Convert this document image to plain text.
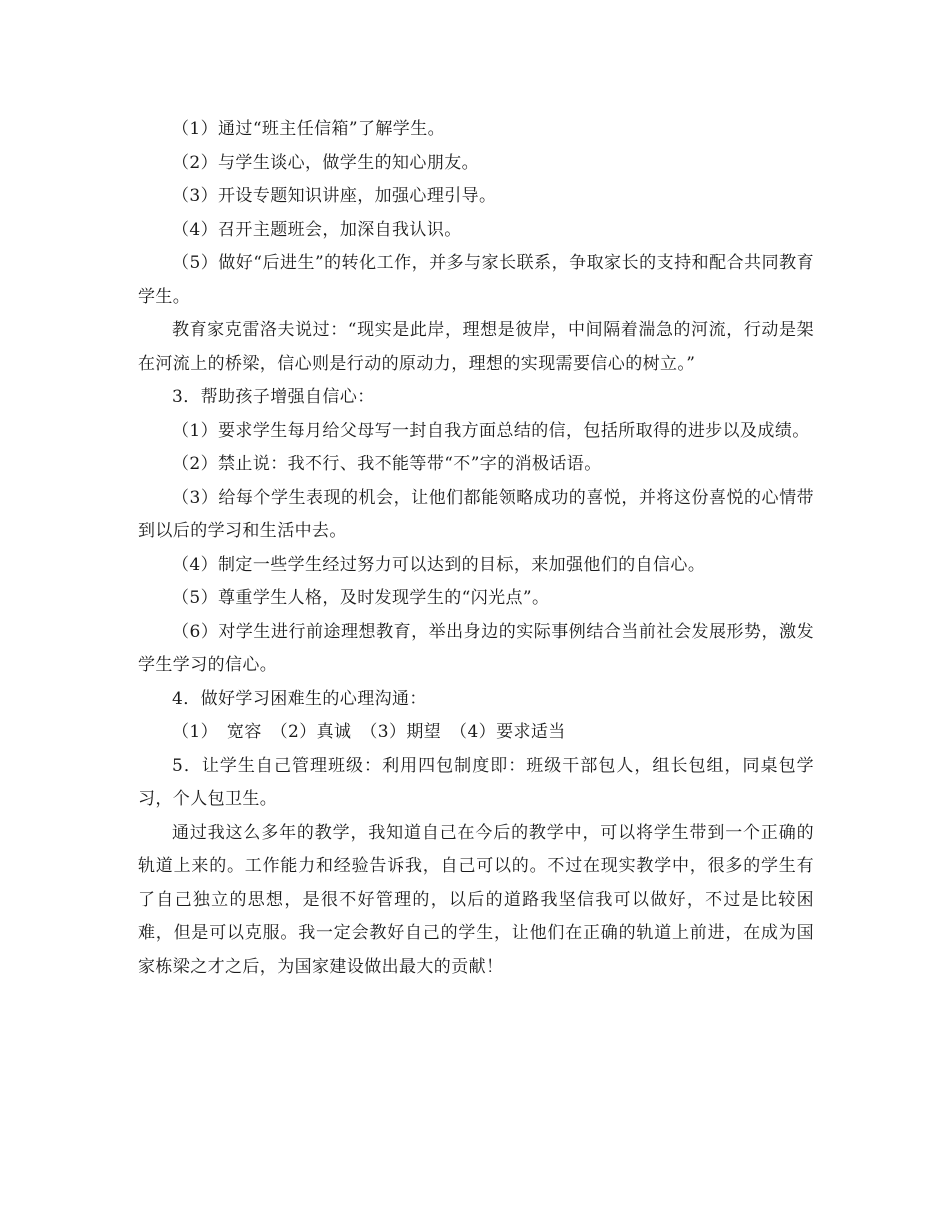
（1）通过“班主任信箱”了解学生。

（2）与学生谈心，做学生的知心朋友。

（3）开设专题知识讲座，加强心理引导。

（4）召开主题班会，加深自我认识。

（5）做好“后进生”的转化工作，并多与家长联系，争取家长的支持和配合共同教育学生。

教育家克雷洛夫说过：“现实是此岸，理想是彼岸，中间隔着湍急的河流，行动是架在河流上的桥梁，信心则是行动的原动力，理想的实现需要信心的树立。”

3．帮助孩子增强自信心：

（1）要求学生每月给父母写一封自我方面总结的信，包括所取得的进步以及成绩。

（2）禁止说：我不行、我不能等带“不”字的消极话语。

（3）给每个学生表现的机会，让他们都能领略成功的喜悦，并将这份喜悦的心情带到以后的学习和生活中去。

（4）制定一些学生经过努力可以达到的目标，来加强他们的自信心。

（5）尊重学生人格，及时发现学生的“闪光点”。

（6）对学生进行前途理想教育，举出身边的实际事例结合当前社会发展形势，激发学生学习的信心。

4．做好学习困难生的心理沟通：

（1）　宽容　（2）真诚　（3）期望　（4）要求适当

5．让学生自己管理班级：利用四包制度即：班级干部包人，组长包组，同桌包学习，个人包卫生。

通过我这么多年的教学，我知道自己在今后的教学中，可以将学生带到一个正确的轨道上来的。工作能力和经验告诉我，自己可以的。不过在现实教学中，很多的学生有了自己独立的思想，是很不好管理的，以后的道路我坚信我可以做好，不过是比较困难，但是可以克服。我一定会教好自己的学生，让他们在正确的轨道上前进，在成为国家栋梁之才之后，为国家建设做出最大的贡献！
